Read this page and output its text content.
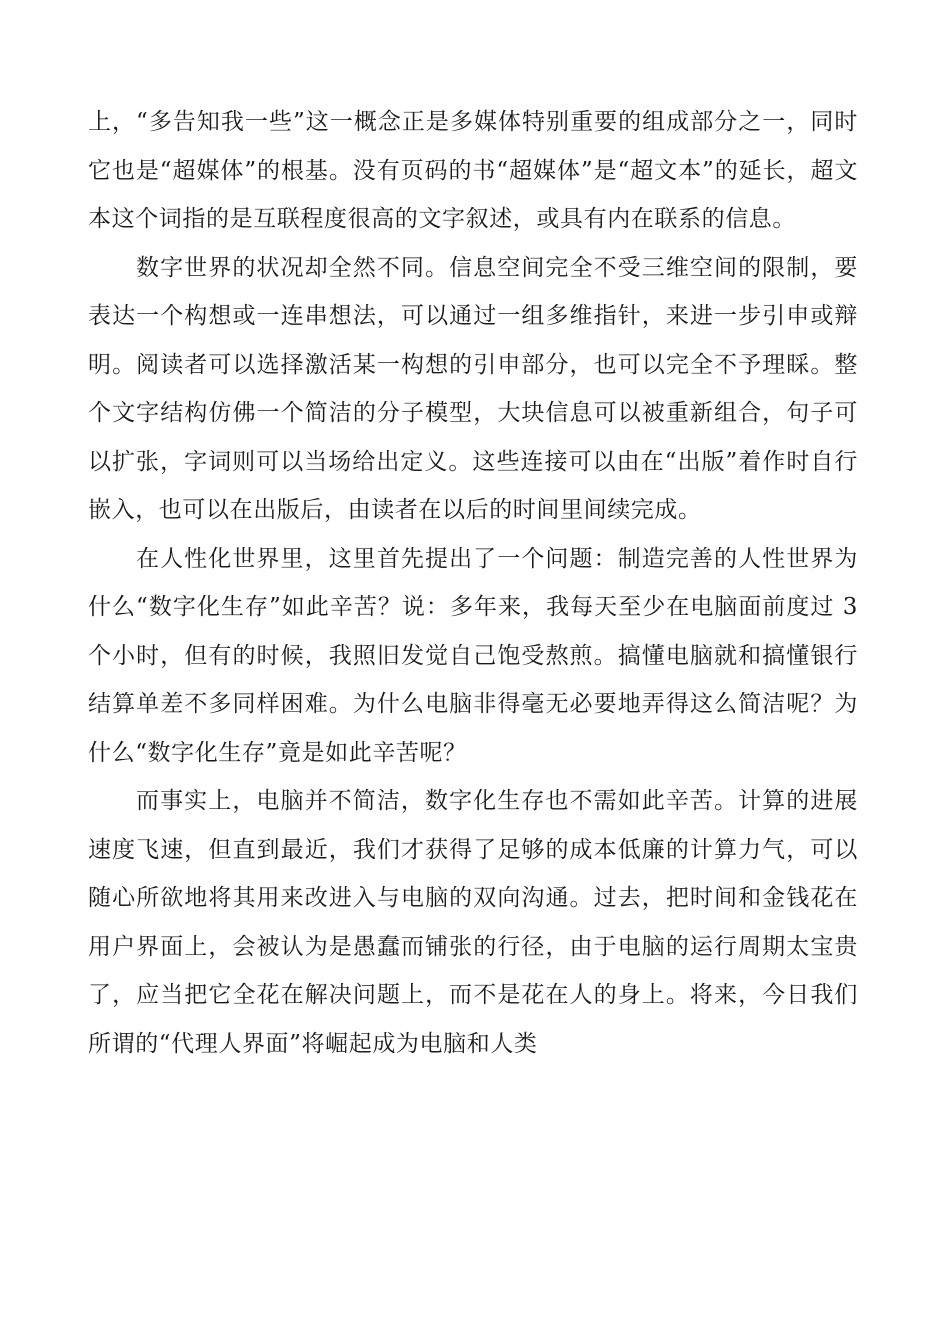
上，“多告知我一些”这一概念正是多媒体特别重要的组成部分之一，同时它也是“超媒体”的根基。没有页码的书“超媒体”是“超文本”的延长，超文本这个词指的是互联程度很高的文字叙述，或具有内在联系的信息。

数字世界的状况却全然不同。信息空间完全不受三维空间的限制，要表达一个构想或一连串想法，可以通过一组多维指针，来进一步引申或辩明。阅读者可以选择激活某一构想的引申部分，也可以完全不予理睬。整个文字结构仿佛一个简洁的分子模型，大块信息可以被重新组合，句子可以扩张，字词则可以当场给出定义。这些连接可以由在“出版”着作时自行嵌入，也可以在出版后，由读者在以后的时间里间续完成。

在人性化世界里，这里首先提出了一个问题：制造完善的人性世界为什么“数字化生存”如此辛苦？说：多年来，我每天至少在电脑面前度过 3 个小时，但有的时候，我照旧发觉自己饱受熬煎。搞懂电脑就和搞懂银行结算单差不多同样困难。为什么电脑非得毫无必要地弄得这么简洁呢？为什么“数字化生存”竟是如此辛苦呢？

而事实上，电脑并不简洁，数字化生存也不需如此辛苦。计算的进展速度飞速，但直到最近，我们才获得了足够的成本低廉的计算力气，可以随心所欲地将其用来改进入与电脑的双向沟通。过去，把时间和金钱花在用户界面上，会被认为是愚蠢而铺张的行径，由于电脑的运行周期太宝贵了，应当把它全花在解决问题上，而不是花在人的身上。将来，今日我们所谓的“代理人界面”将崛起成为电脑和人类
